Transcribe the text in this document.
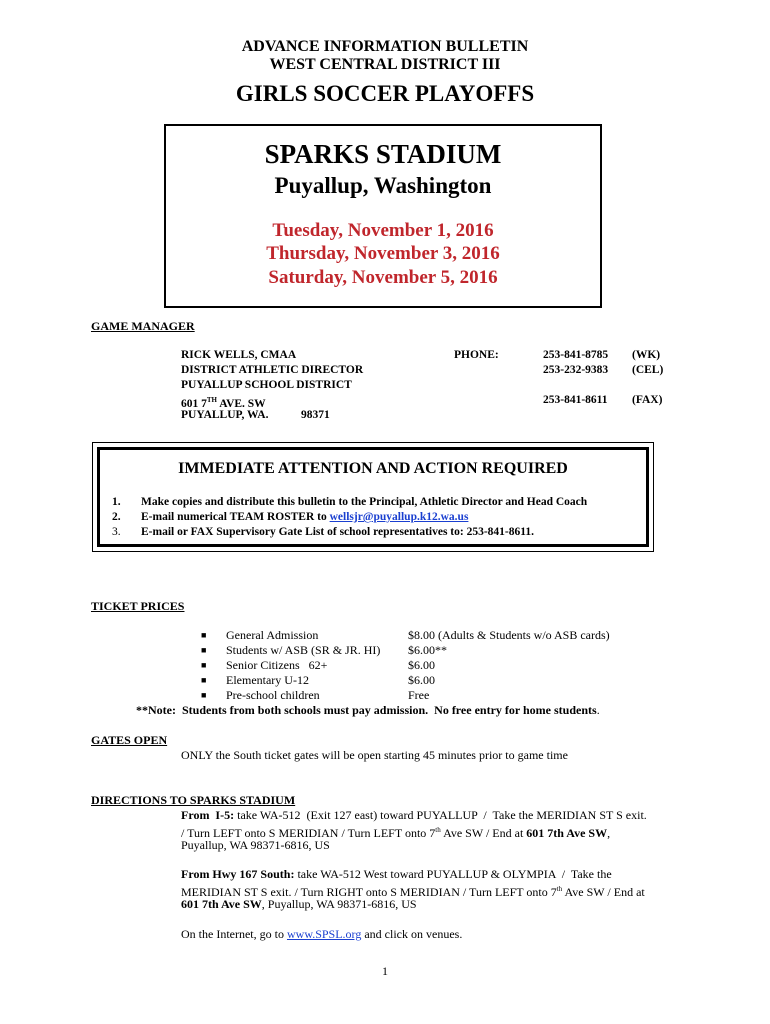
ADVANCE INFORMATION BULLETIN
WEST CENTRAL DISTRICT III
GIRLS SOCCER PLAYOFFS
SPARKS STADIUM
Puyallup, Washington
Tuesday, November 1, 2016
Thursday, November 3, 2016
Saturday, November 5, 2016
GAME MANAGER
RICK WELLS, CMAA
DISTRICT ATHLETIC DIRECTOR
PUYALLUP SCHOOL DISTRICT
601 7TH AVE. SW
PUYALLUP, WA.	98371
PHONE:	253-841-8785 (WK)
253-232-9383 (CEL)
253-841-8611 (FAX)
IMMEDIATE ATTENTION AND ACTION REQUIRED
1. Make copies and distribute this bulletin to the Principal, Athletic Director and Head Coach
2. E-mail numerical TEAM ROSTER to wellsjr@puyallup.k12.wa.us
3. E-mail or FAX Supervisory Gate List of school representatives to: 253-841-8611.
TICKET PRICES
■ General Admission	$8.00 (Adults & Students w/o ASB cards)
■ Students w/ ASB (SR & JR. HI) $6.00**
■ Senior Citizens   62+	$6.00
■ Elementary U-12	$6.00
■ Pre-school children	Free
**Note:  Students from both schools must pay admission.  No free entry for home students.
GATES OPEN
ONLY the South ticket gates will be open starting 45 minutes prior to game time
DIRECTIONS TO SPARKS STADIUM
From  I-5: take WA-512  (Exit 127 east) toward PUYALLUP  /  Take the MERIDIAN ST S exit.
/ Turn LEFT onto S MERIDIAN / Turn LEFT onto 7th Ave SW / End at 601 7th Ave SW,
Puyallup, WA 98371-6816, US
From Hwy 167 South: take WA-512 West toward PUYALLUP & OLYMPIA  /  Take the
MERIDIAN ST S exit. / Turn RIGHT onto S MERIDIAN / Turn LEFT onto 7th Ave SW / End at
601 7th Ave SW, Puyallup, WA 98371-6816, US
On the Internet, go to www.SPSL.org and click on venues.
1
